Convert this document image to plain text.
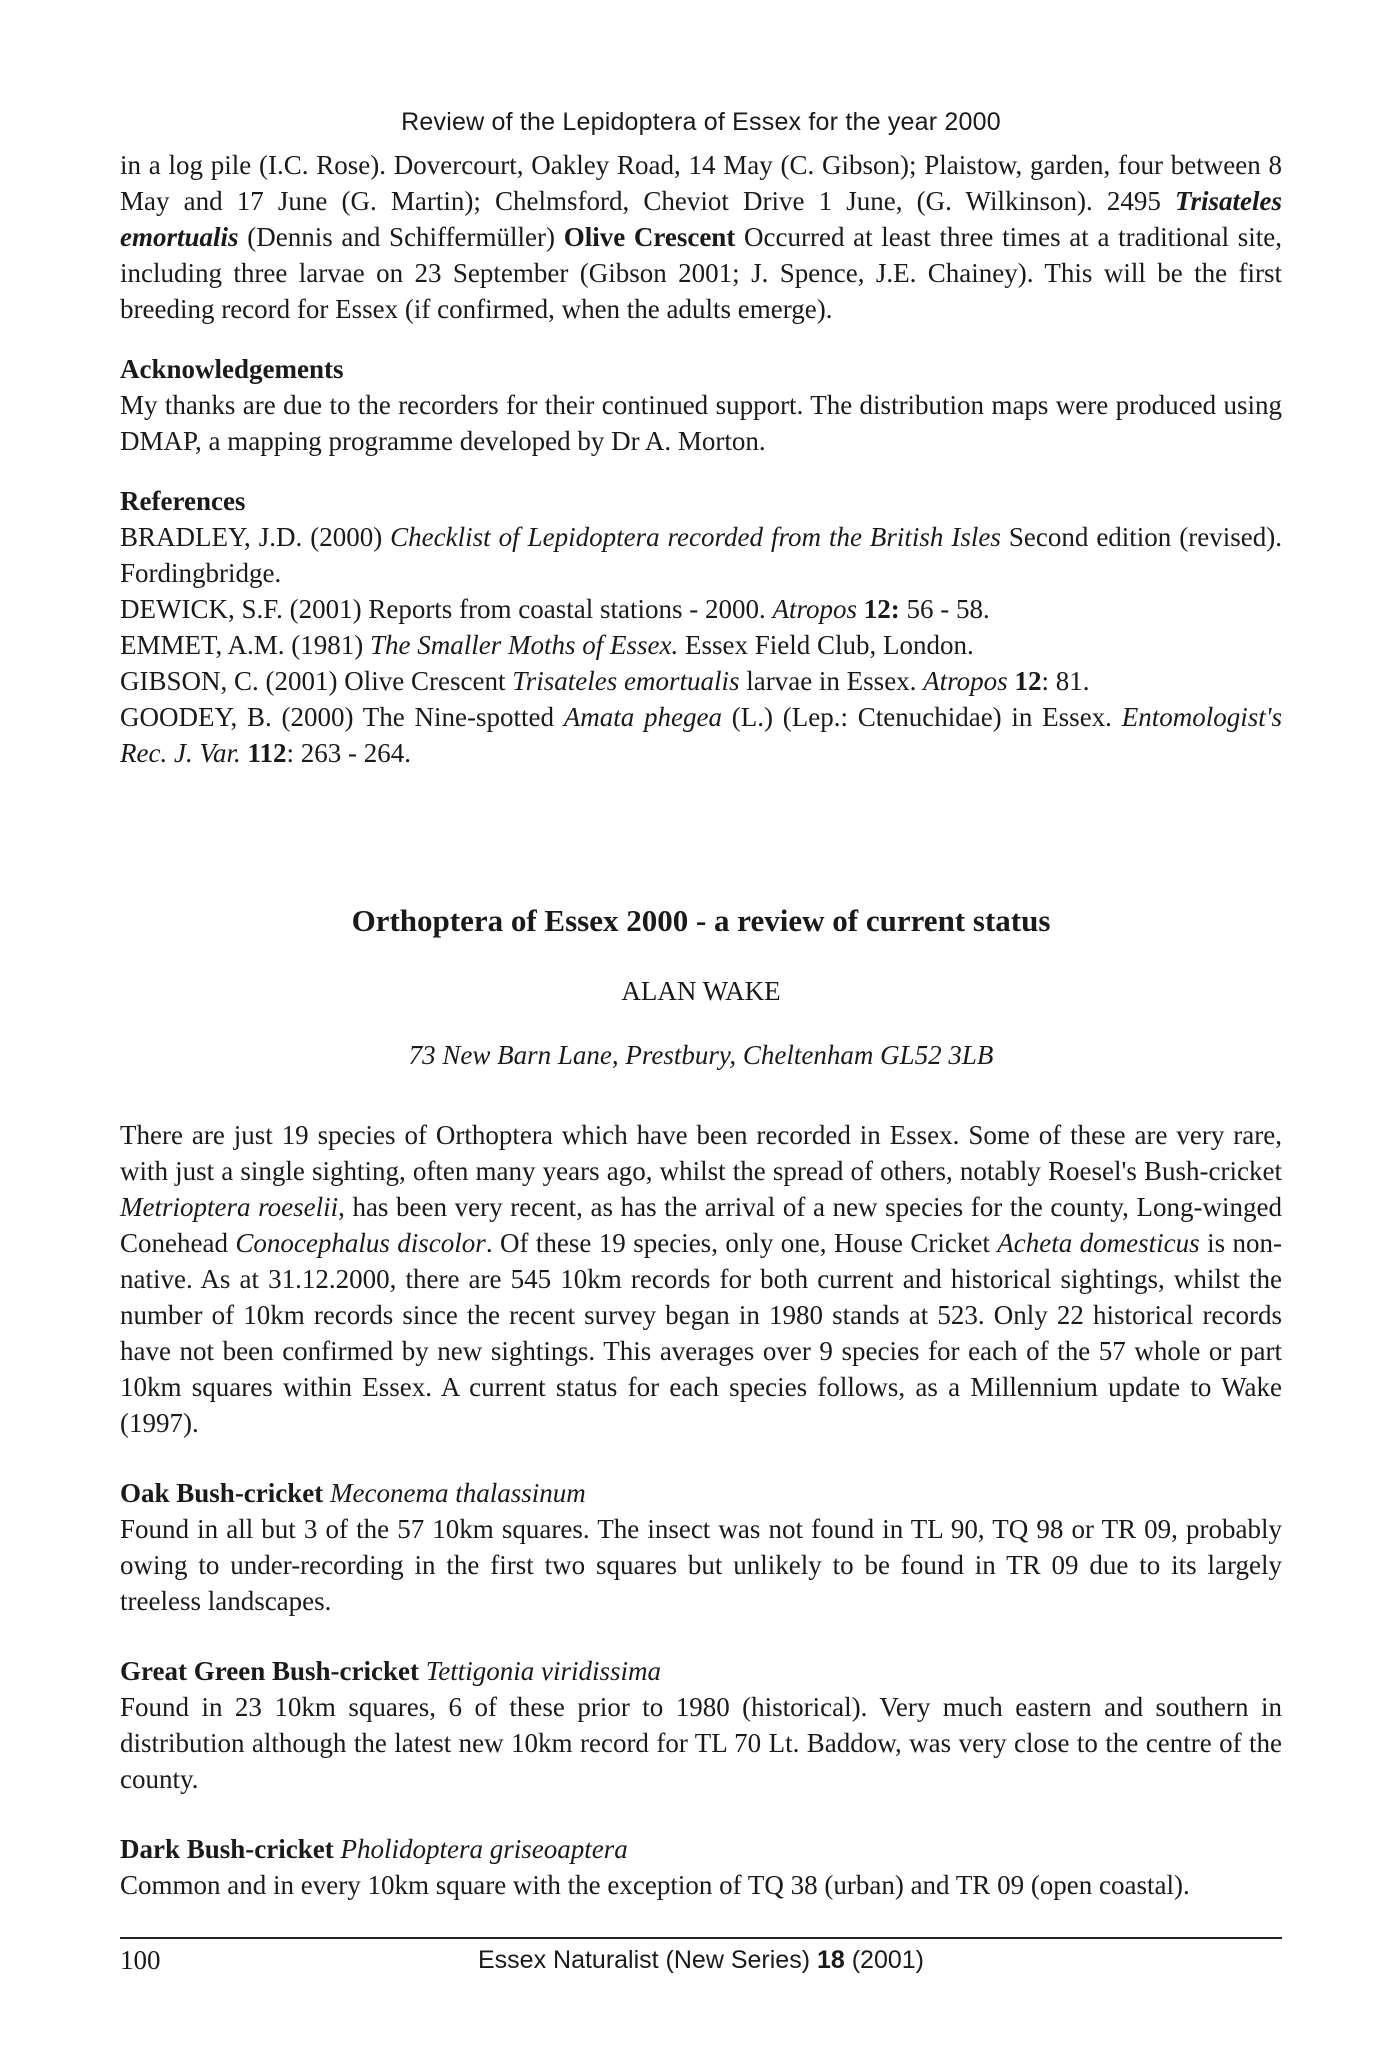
Review of the Lepidoptera of Essex for the year 2000

in a log pile (I.C. Rose). Dovercourt, Oakley Road, 14 May (C. Gibson); Plaistow, garden, four between 8 May and 17 June (G. Martin); Chelmsford, Cheviot Drive 1 June, (G. Wilkinson). 2495 Trisateles emortualis (Dennis and Schiffermüller) Olive Crescent Occurred at least three times at a traditional site, including three larvae on 23 September (Gibson 2001; J. Spence, J.E. Chainey). This will be the first breeding record for Essex (if confirmed, when the adults emerge).

Acknowledgements

My thanks are due to the recorders for their continued support. The distribution maps were produced using DMAP, a mapping programme developed by Dr A. Morton.

References

BRADLEY, J.D. (2000) Checklist of Lepidoptera recorded from the British Isles Second edition (revised). Fordingbridge.

DEWICK, S.F. (2001) Reports from coastal stations - 2000. Atropos 12: 56 - 58.

EMMET, A.M. (1981) The Smaller Moths of Essex. Essex Field Club, London.

GIBSON, C. (2001) Olive Crescent Trisateles emortualis larvae in Essex. Atropos 12: 81.

GOODEY, B. (2000) The Nine-spotted Amata phegea (L.) (Lep.: Ctenuchidae) in Essex. Entomologist's Rec. J. Var. 112: 263 - 264.

Orthoptera of Essex 2000 - a review of current status
ALAN WAKE
73 New Barn Lane, Prestbury, Cheltenham GL52 3LB

There are just 19 species of Orthoptera which have been recorded in Essex. Some of these are very rare, with just a single sighting, often many years ago, whilst the spread of others, notably Roesel's Bush-cricket Metrioptera roeselii, has been very recent, as has the arrival of a new species for the county, Long-winged Conehead Conocephalus discolor. Of these 19 species, only one, House Cricket Acheta domesticus is non-native. As at 31.12.2000, there are 545 10km records for both current and historical sightings, whilst the number of 10km records since the recent survey began in 1980 stands at 523. Only 22 historical records have not been confirmed by new sightings. This averages over 9 species for each of the 57 whole or part 10km squares within Essex. A current status for each species follows, as a Millennium update to Wake (1997).

Oak Bush-cricket Meconema thalassinum

Found in all but 3 of the 57 10km squares. The insect was not found in TL 90, TQ 98 or TR 09, probably owing to under-recording in the first two squares but unlikely to be found in TR 09 due to its largely treeless landscapes.

Great Green Bush-cricket Tettigonia viridissima

Found in 23 10km squares, 6 of these prior to 1980 (historical). Very much eastern and southern in distribution although the latest new 10km record for TL 70 Lt. Baddow, was very close to the centre of the county.

Dark Bush-cricket Pholidoptera griseoaptera

Common and in every 10km square with the exception of TQ 38 (urban) and TR 09 (open coastal).

100	Essex Naturalist (New Series) 18 (2001)
